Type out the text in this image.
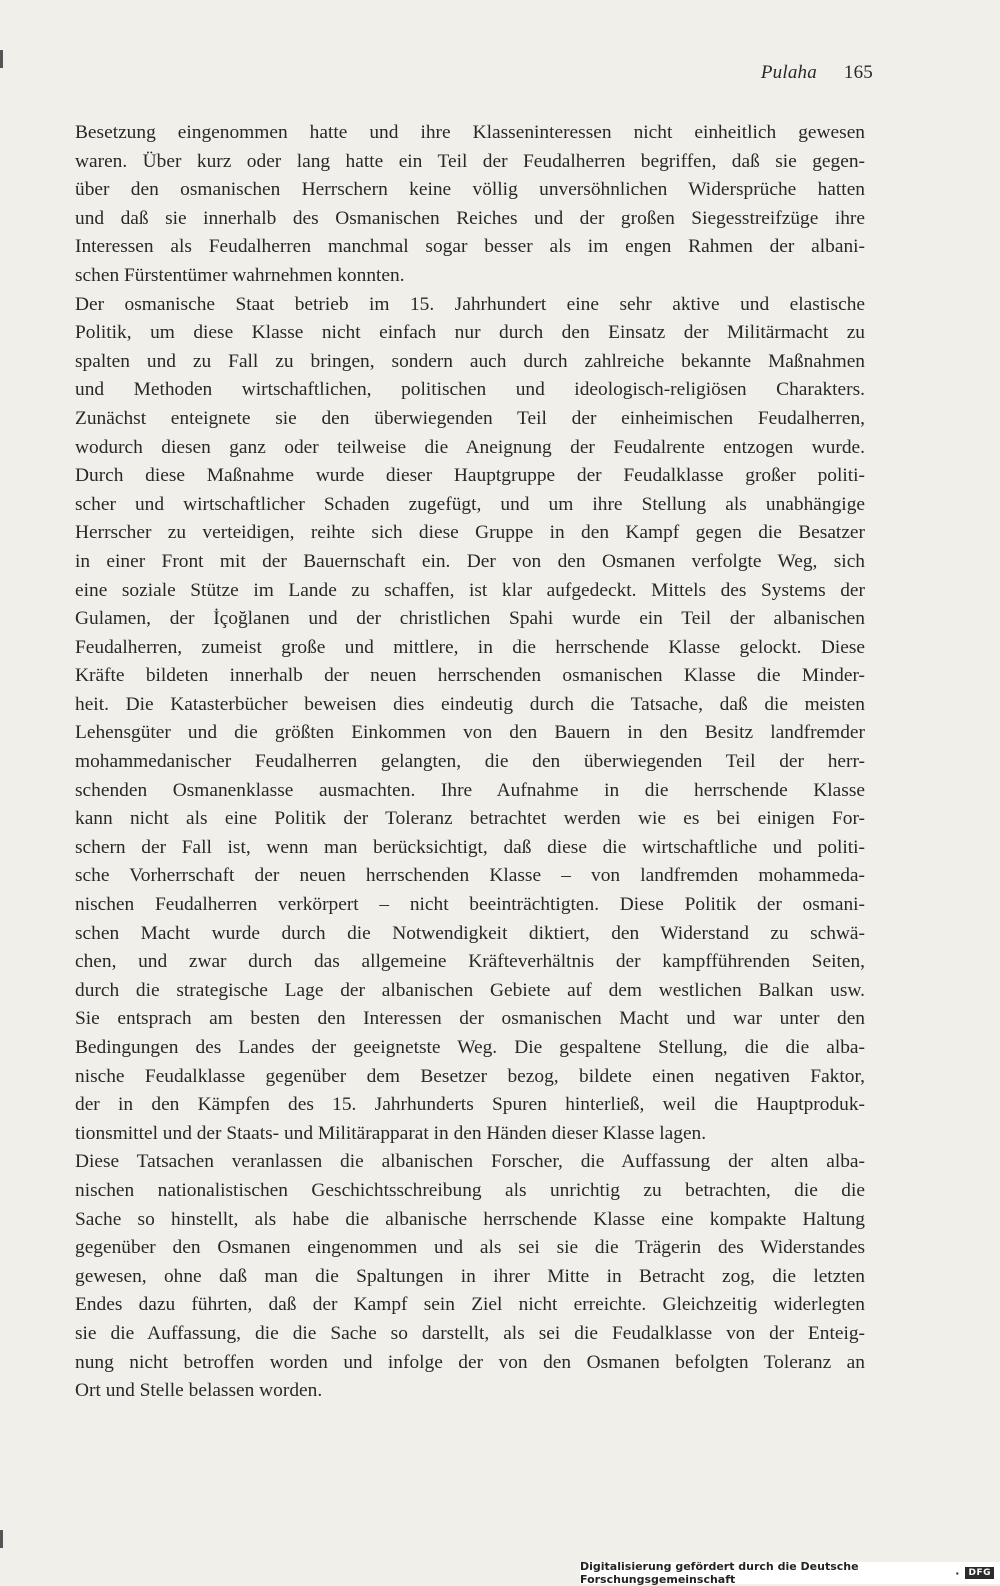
Pulaha 165
Besetzung eingenommen hatte und ihre Klasseninteressen nicht einheitlich gewesen
waren. Über kurz oder lang hatte ein Teil der Feudalherren begriffen, daß sie gegen-
über den osmanischen Herrschern keine völlig unversöhnlichen Widersprüche hatten
und daß sie innerhalb des Osmanischen Reiches und der großen Siegesstreifzüge ihre
Interessen als Feudalherren manchmal sogar besser als im engen Rahmen der albani-
schen Fürstentümer wahrnehmen konnten.
Der osmanische Staat betrieb im 15. Jahrhundert eine sehr aktive und elastische
Politik, um diese Klasse nicht einfach nur durch den Einsatz der Militärmacht zu
spalten und zu Fall zu bringen, sondern auch durch zahlreiche bekannte Maßnahmen
und Methoden wirtschaftlichen, politischen und ideologisch-religiösen Charakters.
Zunächst enteignete sie den überwiegenden Teil der einheimischen Feudalherren,
wodurch diesen ganz oder teilweise die Aneignung der Feudalrente entzogen wurde.
Durch diese Maßnahme wurde dieser Hauptgruppe der Feudalklasse großer politi-
scher und wirtschaftlicher Schaden zugefügt, und um ihre Stellung als unabhängige
Herrscher zu verteidigen, reihte sich diese Gruppe in den Kampf gegen die Besatzer
in einer Front mit der Bauernschaft ein. Der von den Osmanen verfolgte Weg, sich
eine soziale Stütze im Lande zu schaffen, ist klar aufgedeckt. Mittels des Systems der
Gulamen, der İçoğlanen und der christlichen Spahi wurde ein Teil der albanischen
Feudalherren, zumeist große und mittlere, in die herrschende Klasse gelockt. Diese
Kräfte bildeten innerhalb der neuen herrschenden osmanischen Klasse die Minder-
heit. Die Katasterbücher beweisen dies eindeutig durch die Tatsache, daß die meisten
Lehensgüter und die größten Einkommen von den Bauern in den Besitz landfremder
mohammedanischer Feudalherren gelangten, die den überwiegenden Teil der herr-
schenden Osmanenklasse ausmachten. Ihre Aufnahme in die herrschende Klasse
kann nicht als eine Politik der Toleranz betrachtet werden wie es bei einigen For-
schern der Fall ist, wenn man berücksichtigt, daß diese die wirtschaftliche und politi-
sche Vorherrschaft der neuen herrschenden Klasse – von landfremden mohammeda-
nischen Feudalherren verkörpert – nicht beeinträchtigten. Diese Politik der osmani-
schen Macht wurde durch die Notwendigkeit diktiert, den Widerstand zu schwä-
chen, und zwar durch das allgemeine Kräfteverhältnis der kampfführenden Seiten,
durch die strategische Lage der albanischen Gebiete auf dem westlichen Balkan usw.
Sie entsprach am besten den Interessen der osmanischen Macht und war unter den
Bedingungen des Landes der geeignetste Weg. Die gespaltene Stellung, die die alba-
nische Feudalklasse gegenüber dem Besetzer bezog, bildete einen negativen Faktor,
der in den Kämpfen des 15. Jahrhunderts Spuren hinterließ, weil die Hauptproduk-
tionsmittel und der Staats- und Militärapparat in den Händen dieser Klasse lagen.
Diese Tatsachen veranlassen die albanischen Forscher, die Auffassung der alten alba-
nischen nationalistischen Geschichtsschreibung als unrichtig zu betrachten, die die
Sache so hinstellt, als habe die albanische herrschende Klasse eine kompakte Haltung
gegenüber den Osmanen eingenommen und als sei sie die Trägerin des Widerstandes
gewesen, ohne daß man die Spaltungen in ihrer Mitte in Betracht zog, die letzten
Endes dazu führten, daß der Kampf sein Ziel nicht erreichte. Gleichzeitig widerlegten
sie die Auffassung, die die Sache so darstellt, als sei die Feudalklasse von der Enteig-
nung nicht betroffen worden und infolge der von den Osmanen befolgten Toleranz an
Ort und Stelle belassen worden.
Digitalisierung gefördert durch die Deutsche Forschungsgemeinschaft	·	DFG
